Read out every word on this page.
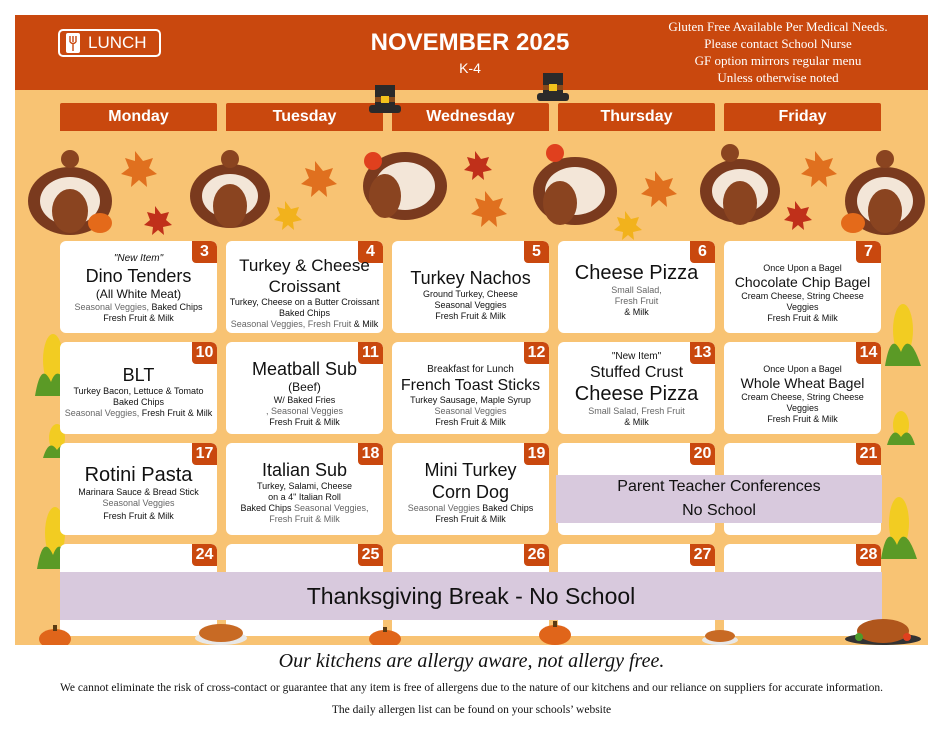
LUNCH	NOVEMBER 2025
K-4
Gluten Free Available Per Medical Needs.
Please contact School Nurse
GF option mirrors regular menu
Unless otherwise noted
Monday	Tuesday	Wednesday	Thursday	Friday
3
"New Item"
Dino Tenders
(All White Meat)
Seasonal Veggies, Baked Chips
Fresh Fruit & Milk
4
Turkey & Cheese Croissant
Turkey, Cheese on a Butter Croissant
Baked Chips
Seasonal Veggies, Fresh Fruit & Milk
5
Turkey Nachos
Ground Turkey, Cheese
Seasonal Veggies
Fresh Fruit & Milk
6
Cheese Pizza
Small Salad,
Fresh Fruit
& Milk
7
Once Upon a Bagel
Chocolate Chip Bagel
Cream Cheese, String Cheese
Veggies
Fresh Fruit & Milk
10
BLT
Turkey Bacon, Lettuce & Tomato
Baked Chips
Seasonal Veggies, Fresh Fruit & Milk
11
Meatball Sub
(Beef)
W/ Baked Fries
, Seasonal Veggies
Fresh Fruit & Milk
12
Breakfast for Lunch
French Toast Sticks
Turkey Sausage, Maple Syrup
Seasonal Veggies
Fresh Fruit & Milk
13
"New Item"
Stuffed Crust
Cheese Pizza
Small Salad, Fresh Fruit
& Milk
14
Once Upon a Bagel
Whole Wheat Bagel
Cream Cheese, String Cheese
Veggies
Fresh Fruit & Milk
17
Rotini Pasta
Marinara Sauce & Bread Stick
Seasonal Veggies
Fresh Fruit & Milk
18
Italian Sub
Turkey, Salami, Cheese
on a 4" Italian Roll
Baked Chips Seasonal Veggies,
Fresh Fruit & Milk
19
Mini Turkey
Corn Dog
Seasonal Veggies Baked Chips
Fresh Fruit & Milk
20	21
24	25	26	27	28
Parent Teacher Conferences
No School
Thanksgiving Break - No School
Our kitchens are allergy aware, not allergy free.
We cannot eliminate the risk of cross-contact or guarantee that any item is free of allergens due to the nature of our kitchens and our reliance on suppliers for accurate information.
The daily allergen list can be found on your schools’ website
